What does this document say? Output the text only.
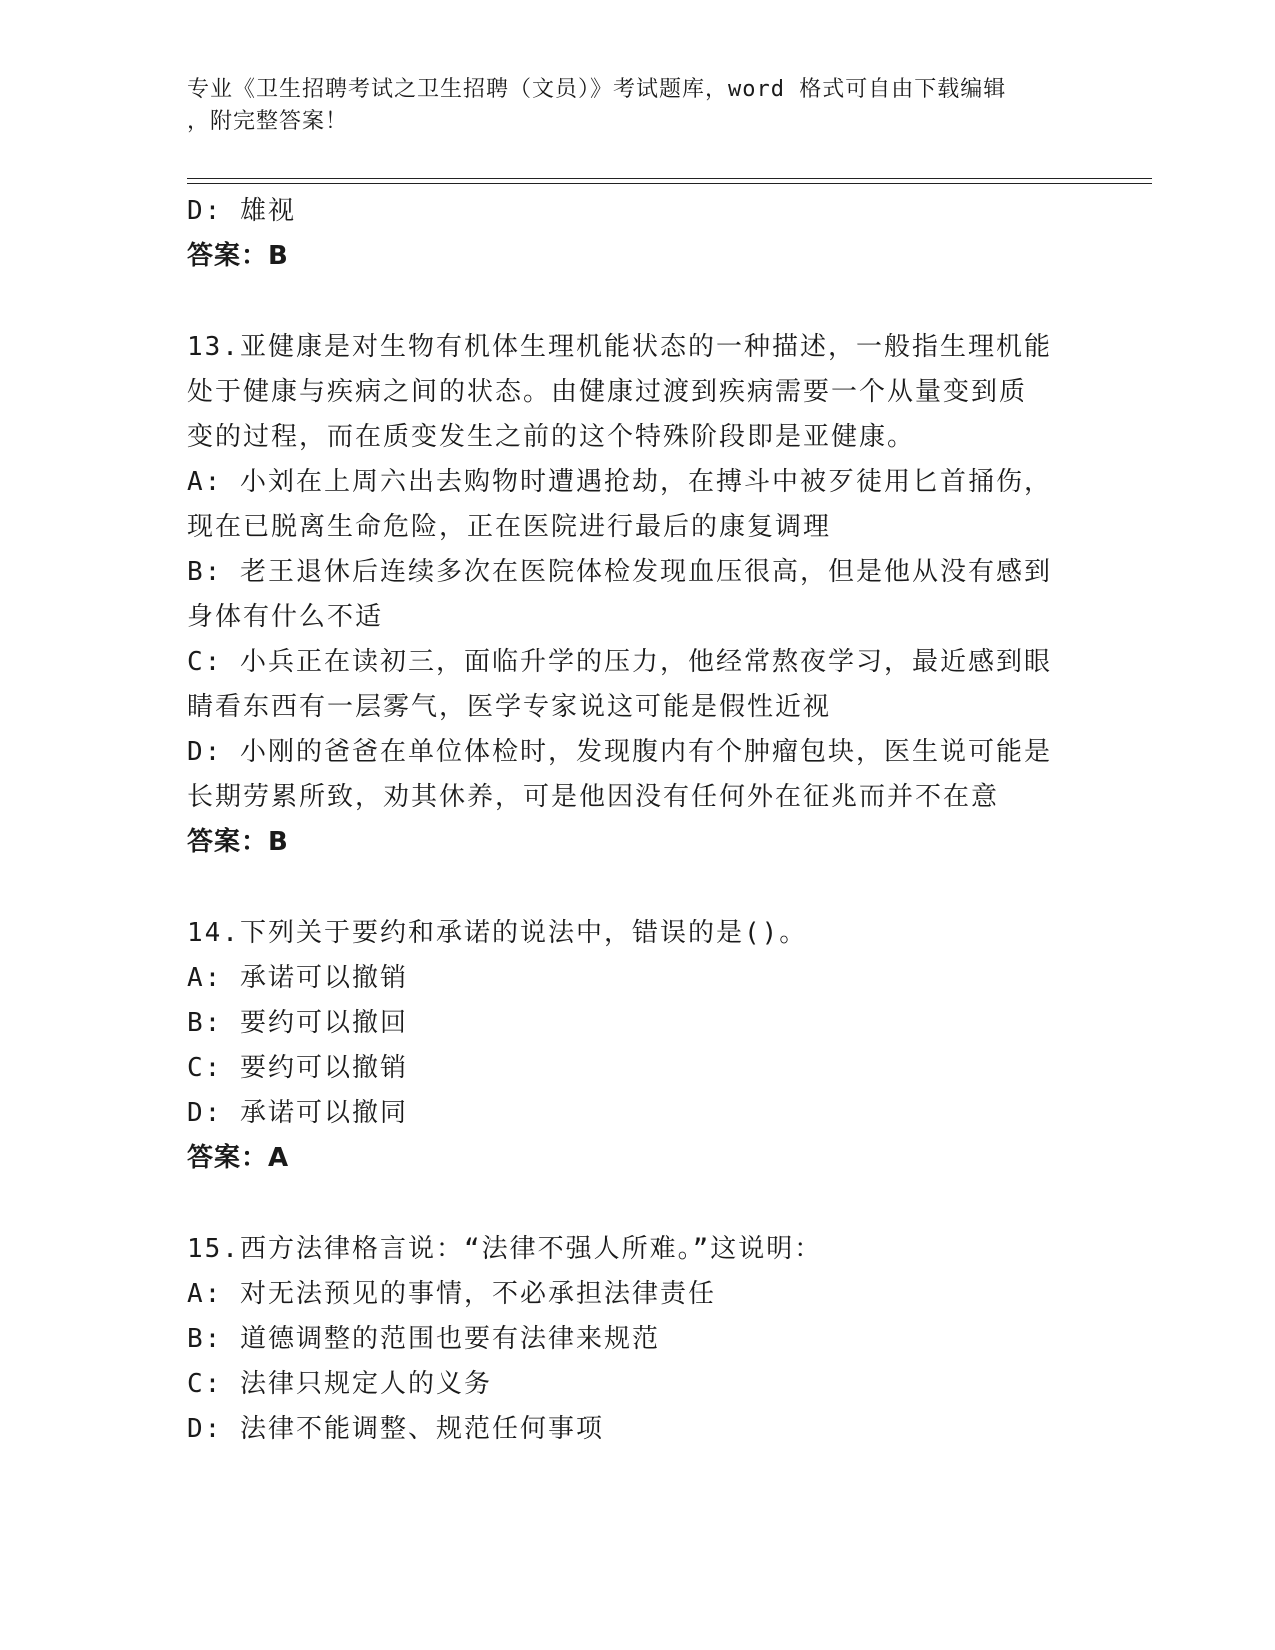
专业《卫生招聘考试之卫生招聘（文员）》考试题库，word 格式可自由下载编辑
，附完整答案！
D: 雄视
答案：B
13.亚健康是对生物有机体生理机能状态的一种描述，一般指生理机能
处于健康与疾病之间的状态。由健康过渡到疾病需要一个从量变到质
变的过程，而在质变发生之前的这个特殊阶段即是亚健康。
A: 小刘在上周六出去购物时遭遇抢劫，在搏斗中被歹徒用匕首捅伤，
现在已脱离生命危险，正在医院进行最后的康复调理
B: 老王退休后连续多次在医院体检发现血压很高，但是他从没有感到
身体有什么不适
C: 小兵正在读初三，面临升学的压力，他经常熬夜学习，最近感到眼
睛看东西有一层雾气，医学专家说这可能是假性近视
D: 小刚的爸爸在单位体检时，发现腹内有个肿瘤包块，医生说可能是
长期劳累所致，劝其休养，可是他因没有任何外在征兆而并不在意
答案：B
14.下列关于要约和承诺的说法中，错误的是()。
A: 承诺可以撤销
B: 要约可以撤回
C: 要约可以撤销
D: 承诺可以撤同
答案：A
15.西方法律格言说：“法律不强人所难。”这说明：
A: 对无法预见的事情，不必承担法律责任
B: 道德调整的范围也要有法律来规范
C: 法律只规定人的义务
D: 法律不能调整、规范任何事项
